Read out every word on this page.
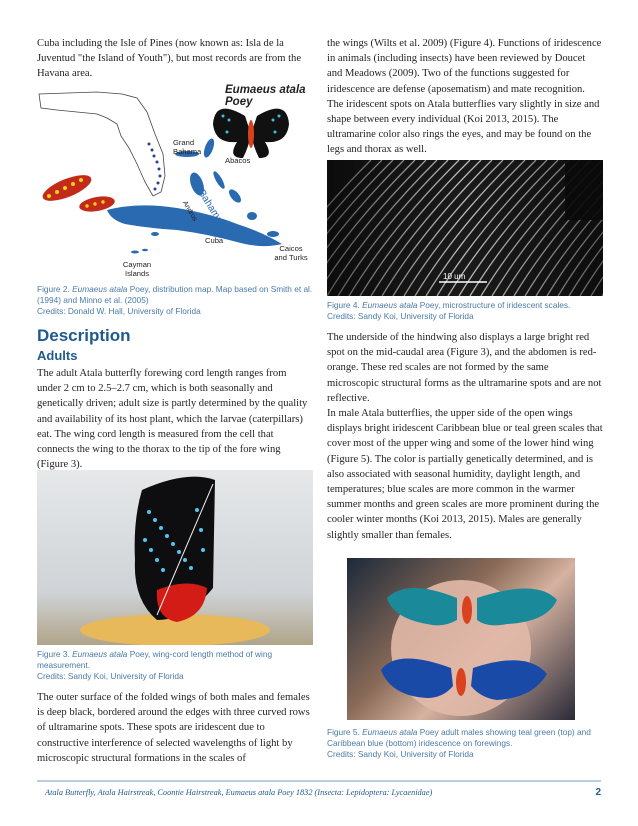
Cuba including the Isle of Pines (now known as: Isla de la Juventud "the Island of Youth"), but most records are from the Havana area.

Eumaeus atala Poey
Grand Bahama
Abacos
Bahamas
Andros
Cuba
Cayman Islands
Caicos and Turks
Figure 2. Eumaeus atala Poey, distribution map. Map based on Smith et al. (1994) and Minno et al. (2005)
Credits: Donald W. Hall, University of Florida
Description
Adults

The adult Atala butterfly forewing cord length ranges from under 2 cm to 2.5–2.7 cm, which is both seasonally and genetically driven; adult size is partly determined by the quality and availability of its host plant, which the larvae (caterpillars) eat. The wing cord length is measured from the cell that connects the wing to the thorax to the tip of the fore wing (Figure 3).

Figure 3. Eumaeus atala Poey, wing-cord length method of wing measurement.
Credits: Sandy Koi, University of Florida

The outer surface of the folded wings of both males and females is deep black, bordered around the edges with three curved rows of ultramarine spots. These spots are iridescent due to constructive interference of selected wavelengths of light by microscopic structural formations in the scales of

the wings (Wilts et al. 2009) (Figure 4). Functions of iridescence in animals (including insects) have been reviewed by Doucet and Meadows (2009). Two of the functions suggested for iridescence are defense (aposematism) and mate recognition. The iridescent spots on Atala butterflies vary slightly in size and shape between every individual (Koi 2013, 2015). The ultramarine color also rings the eyes, and may be found on the legs and thorax as well.

10 um
Figure 4. Eumaeus atala Poey, microstructure of iridescent scales.
Credits: Sandy Koi, University of Florida

The underside of the hindwing also displays a large bright red spot on the mid-caudal area (Figure 3), and the abdomen is red-orange. These red scales are not formed by the same microscopic structural forms as the ultramarine spots and are not reflective.

In male Atala butterflies, the upper side of the open wings displays bright iridescent Caribbean blue or teal green scales that cover most of the upper wing and some of the lower hind wing (Figure 5). The color is partially genetically determined, and is also associated with seasonal humidity, daylight length, and temperatures; blue scales are more common in the warmer summer months and green scales are more prominent during the cooler winter months (Koi 2013, 2015). Males are generally slightly smaller than females.

Figure 5. Eumaeus atala Poey adult males showing teal green (top) and Caribbean blue (bottom) iridescence on forewings.
Credits: Sandy Koi, University of Florida
Atala Butterfly, Atala Hairstreak, Coontie Hairstreak, Eumaeus atala Poey 1832 (Insecta: Lepidoptera: Lycaenidae)	2
